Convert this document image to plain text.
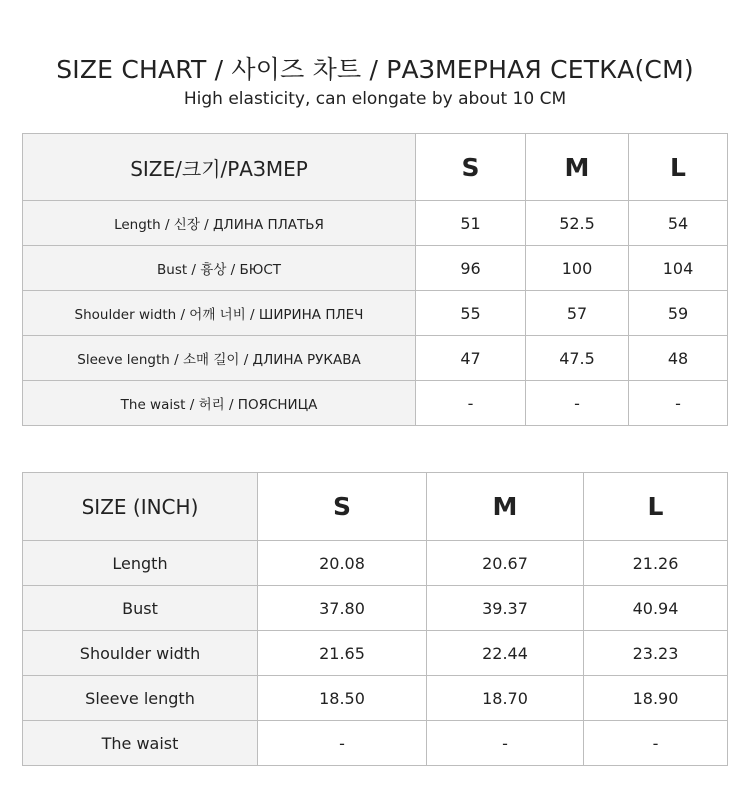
SIZE CHART / 사이즈 차트 / РАЗМЕРНАЯ СЕТКА(CM)

High elasticity, can elongate by about 10 CM

SIZE/크기/РАЗМЕР	S	M	L
Length / 신장 / ДЛИНА ПЛАТЬЯ	51	52.5	54
Bust / 흉상 / БЮСТ	96	100	104
Shoulder width / 어깨 너비 / ШИРИНА ПЛЕЧ	55	57	59
Sleeve length / 소매 길이 / ДЛИНА РУКАВА	47	47.5	48
The waist / 허리 / ПОЯСНИЦА	-	-	-
SIZE (INCH)	S	M	L
Length	20.08	20.67	21.26
Bust	37.80	39.37	40.94
Shoulder width	21.65	22.44	23.23
Sleeve length	18.50	18.70	18.90
The waist	-	-	-
